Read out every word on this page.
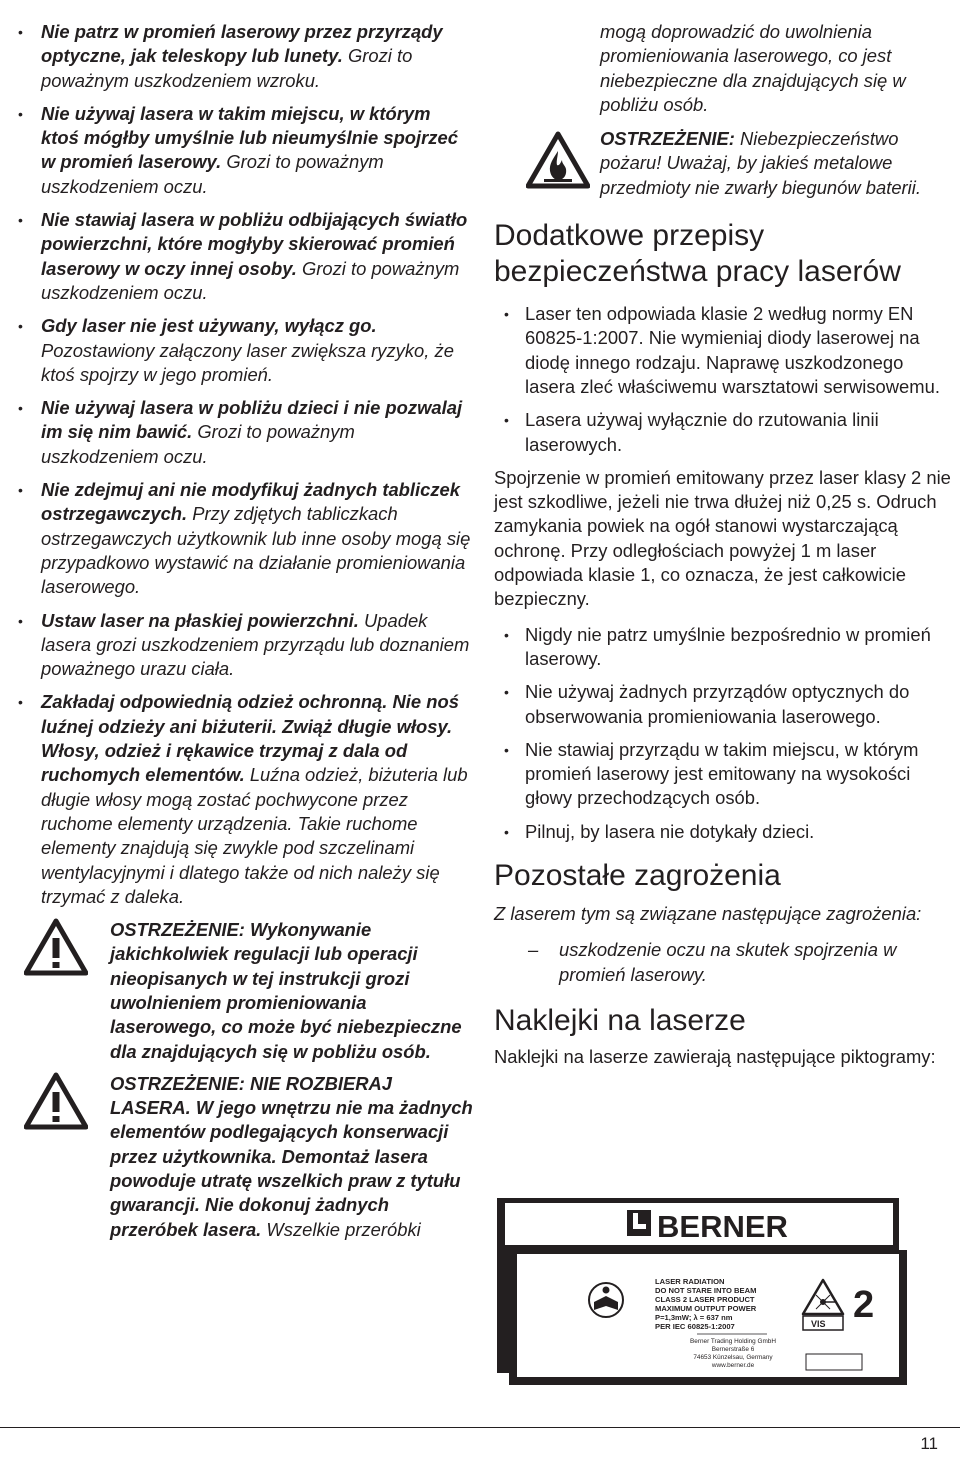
• Nie patrz w promień laserowy przez przyrządy optyczne, jak teleskopy lub lunety. Grozi to poważnym uszkodzeniem wzroku.
• Nie używaj lasera w takim miejscu, w którym ktoś mógłby umyślnie lub nieumyślnie spojrzeć w promień laserowy. Grozi to poważnym uszkodzeniem oczu.
• Nie stawiaj lasera w pobliżu odbijających światło powierzchni, które mogłyby skierować promień laserowy w oczy innej osoby. Grozi to poważnym uszkodzeniem oczu.
• Gdy laser nie jest używany, wyłącz go. Pozostawiony załączony laser zwiększa ryzyko, że ktoś spojrzy w jego promień.
• Nie używaj lasera w pobliżu dzieci i nie pozwalaj im się nim bawić. Grozi to poważnym uszkodzeniem oczu.
• Nie zdejmuj ani nie modyfikuj żadnych tabliczek ostrzegawczych. Przy zdjętych tabliczkach ostrzegawczych użytkownik lub inne osoby mogą się przypadkowo wystawić na działanie promieniowania laserowego.
• Ustaw laser na płaskiej powierzchni. Upadek lasera grozi uszkodzeniem przyrządu lub doznaniem poważnego urazu ciała.
• Zakładaj odpowiednią odzież ochronną. Nie noś luźnej odzieży ani biżuterii. Zwiąż długie włosy. Włosy, odzież i rękawice trzymaj z dala od ruchomych elementów. Luźna odzież, biżuteria lub długie włosy mogą zostać pochwycone przez ruchome elementy urządzenia. Takie ruchome elementy znajdują się zwykle pod szczelinami wentylacyjnymi i dlatego także od nich należy się trzymać z daleka.
OSTRZEŻENIE: Wykonywanie jakichkolwiek regulacji lub operacji nieopisanych w tej instrukcji grozi uwolnieniem promieniowania laserowego, co może być niebezpieczne dla znajdujących się w pobliżu osób.
OSTRZEŻENIE: NIE ROZBIERAJ LASERA. W jego wnętrzu nie ma żadnych elementów podlegających konserwacji przez użytkownika. Demontaż lasera powoduje utratę wszelkich praw z tytułu gwarancji. Nie dokonuj żadnych przeróbek lasera. Wszelkie przeróbki

mogą doprowadzić do uwolnienia promieniowania laserowego, co jest niebezpieczne dla znajdujących się w pobliżu osób.

OSTRZEŻENIE: Niebezpieczeństwo pożaru! Uważaj, by jakieś metalowe przedmioty nie zwarły biegunów baterii.
Dodatkowe przepisy bezpieczeństwa pracy laserów
• Laser ten odpowiada klasie 2 według normy EN 60825-1:2007. Nie wymieniaj diody laserowej na diodę innego rodzaju. Naprawę uszkodzonego lasera zleć właściwemu warsztatowi serwisowemu.
• Lasera używaj wyłącznie do rzutowania linii laserowych.

Spojrzenie w promień emitowany przez laser klasy 2 nie jest szkodliwe, jeżeli nie trwa dłużej niż 0,25 s. Odruch zamykania powiek na ogół stanowi wystarczającą ochronę. Przy odległościach powyżej 1 m laser odpowiada klasie 1, co oznacza, że jest całkowicie bezpieczny.

• Nigdy nie patrz umyślnie bezpośrednio w promień laserowy.
• Nie używaj żadnych przyrządów optycznych do obserwowania promieniowania laserowego.
• Nie stawiaj przyrządu w takim miejscu, w którym promień laserowy jest emitowany na wysokości głowy przechodzących osób.
• Pilnuj, by lasera nie dotykały dzieci.
Pozostałe zagrożenia

Z laserem tym są związane następujące zagrożenia:

– uszkodzenie oczu na skutek spojrzenia w promień laserowy.
Naklejki na laserze

Naklejki na laserze zawierają następujące piktogramy:

BERNER
183845
LASER RADIATION
DO NOT STARE INTO BEAM
CLASS 2 LASER PRODUCT
MAXIMUM OUTPUT POWER
P=1,3mW; λ = 637 nm
PER IEC 60825-1:2007	VIS 2
Berner Trading Holding GmbH
Bernerstraße 6
74653 Künzelsau, Germany
www.berner.de
11
